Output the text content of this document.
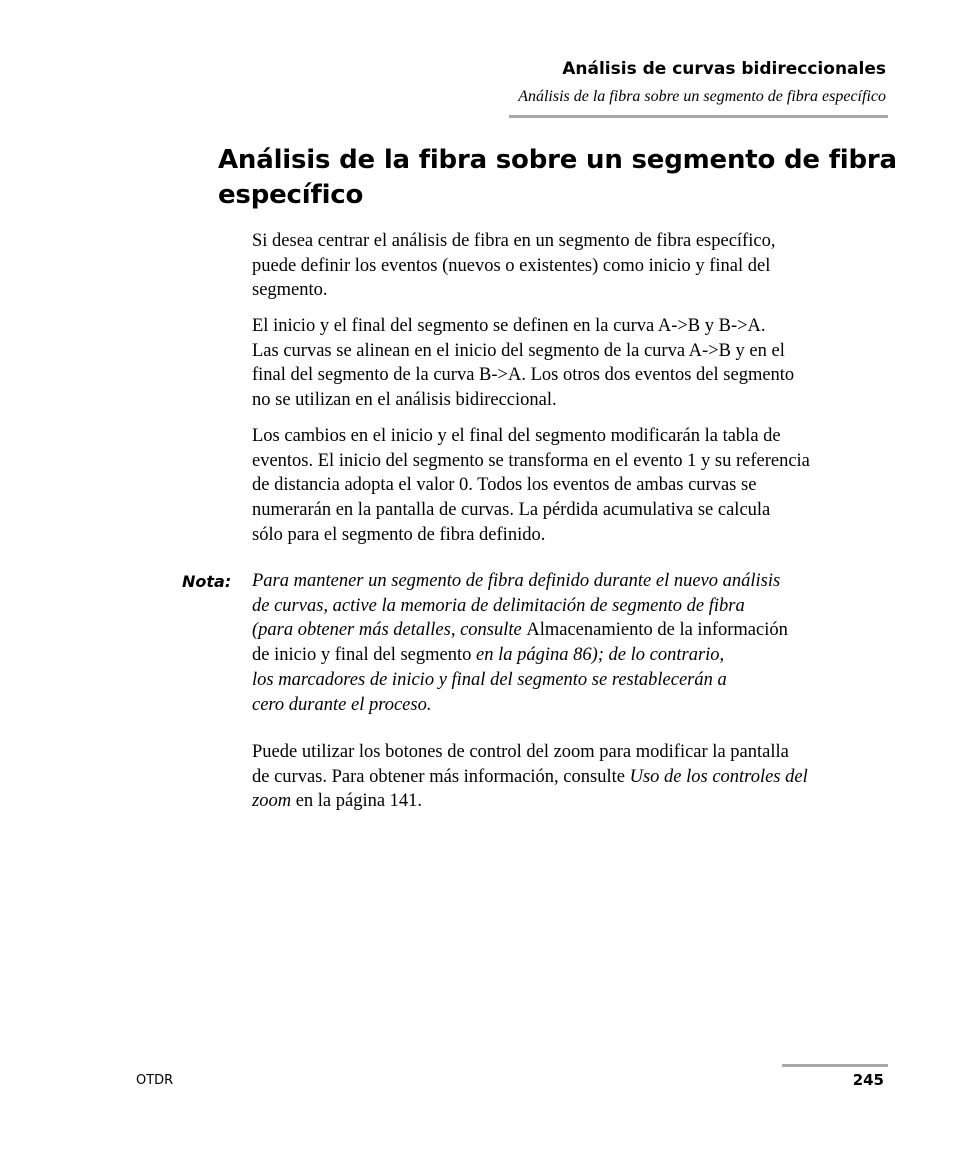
Análisis de curvas bidireccionales
Análisis de la fibra sobre un segmento de fibra específico
Análisis de la fibra sobre un segmento de fibra
específico

Si desea centrar el análisis de fibra en un segmento de fibra específico,
puede definir los eventos (nuevos o existentes) como inicio y final del
segmento.

El inicio y el final del segmento se definen en la curva A->B y B->A.
Las curvas se alinean en el inicio del segmento de la curva A->B y en el
final del segmento de la curva B->A. Los otros dos eventos del segmento
no se utilizan en el análisis bidireccional.

Los cambios en el inicio y el final del segmento modificarán la tabla de
eventos. El inicio del segmento se transforma en el evento 1 y su referencia
de distancia adopta el valor 0. Todos los eventos de ambas curvas se
numerarán en la pantalla de curvas. La pérdida acumulativa se calcula
sólo para el segmento de fibra definido.

Nota: Para mantener un segmento de fibra definido durante el nuevo análisis
de curvas, active la memoria de delimitación de segmento de fibra
(para obtener más detalles, consulte Almacenamiento de la información
de inicio y final del segmento en la página 86); de lo contrario,
los marcadores de inicio y final del segmento se restablecerán a
cero durante el proceso.

Puede utilizar los botones de control del zoom para modificar la pantalla
de curvas. Para obtener más información, consulte Uso de los controles del
zoom en la página 141.

OTDR	245
